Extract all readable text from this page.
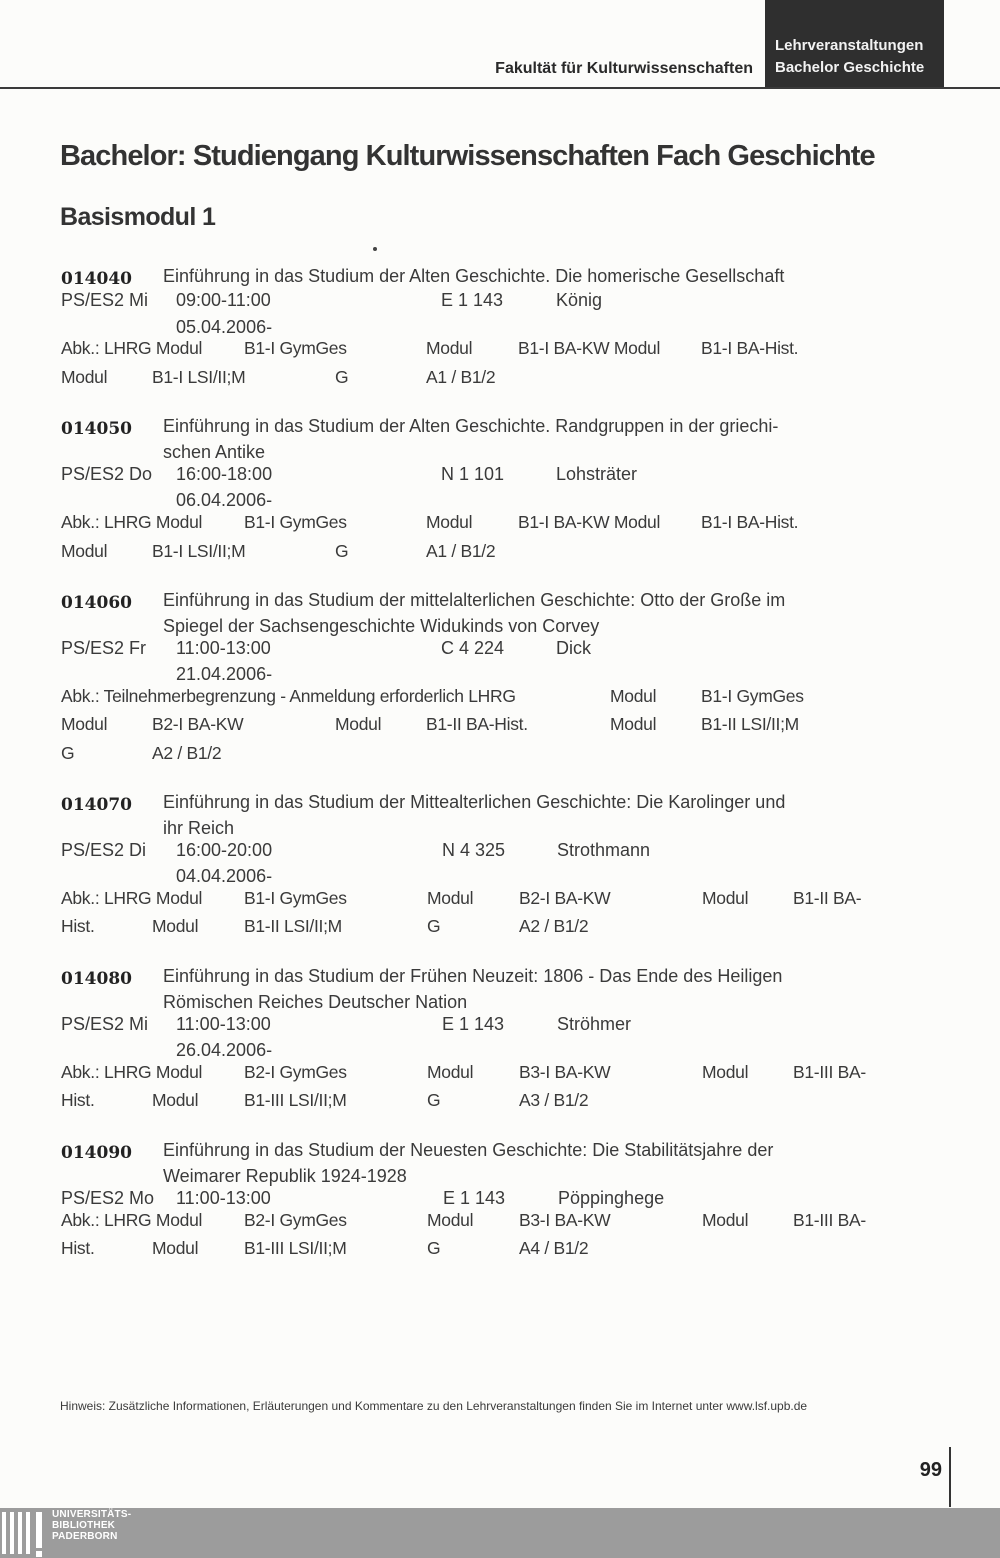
Fakultät für Kulturwissenschaften
Lehrveranstaltungen
Bachelor Geschichte
Bachelor: Studiengang Kulturwissenschaften Fach Geschichte
Basismodul 1
014040 Einführung in das Studium der Alten Geschichte. Die homerische Gesellschaft
PS/ES2 Mi 09:00-11:00	E 1 143	König
05.04.2006-
Abk.: LHRG Modul B1-I GymGes	Modul	B1-I BA-KW Modul B1-I BA-Hist.
Modul	B1-I LSI/II;M	G	A1 / B1/2
014050 Einführung in das Studium der Alten Geschichte. Randgruppen in der griechi-
schen Antike
PS/ES2 Do 16:00-18:00	N 1 101	Lohsträter
06.04.2006-
Abk.: LHRG Modul B1-I GymGes	Modul	B1-I BA-KW Modul B1-I BA-Hist.
Modul	B1-I LSI/II;M	G	A1 / B1/2
014060 Einführung in das Studium der mittelalterlichen Geschichte: Otto der Große im
Spiegel der Sachsengeschichte Widukinds von Corvey
PS/ES2 Fr 11:00-13:00	C 4 224	Dick
21.04.2006-
Abk.: Teilnehmerbegrenzung - Anmeldung erforderlich LHRG	Modul	B1-I GymGes
Modul	B2-I BA-KW	Modul	B1-II BA-Hist.	Modul	B1-II LSI/II;M
G	A2 / B1/2
014070 Einführung in das Studium der Mittealterlichen Geschichte: Die Karolinger und
ihr Reich
PS/ES2 Di 16:00-20:00	N 4 325	Strothmann
04.04.2006-
Abk.: LHRG Modul B1-I GymGes	Modul	B2-I BA-KW	Modul	B1-II BA-
Hist.	Modul	B1-II LSI/II;M	G	A2 / B1/2
014080 Einführung in das Studium der Frühen Neuzeit: 1806 - Das Ende des Heiligen
Römischen Reiches Deutscher Nation
PS/ES2 Mi 11:00-13:00	E 1 143	Ströhmer
26.04.2006-
Abk.: LHRG Modul B2-I GymGes	Modul	B3-I BA-KW	Modul	B1-III BA-
Hist.	Modul	B1-III LSI/II;M	G	A3 / B1/2
014090 Einführung in das Studium der Neuesten Geschichte: Die Stabilitätsjahre der
Weimarer Republik 1924-1928
PS/ES2 Mo 11:00-13:00	E 1 143	Pöppinghege
Abk.: LHRG Modul B2-I GymGes	Modul	B3-I BA-KW	Modul	B1-III BA-
Hist.	Modul	B1-III LSI/II;M	G	A4 / B1/2
Hinweis: Zusätzliche Informationen, Erläuterungen und Kommentare zu den Lehrveranstaltungen finden Sie im Internet unter www.lsf.upb.de
99
UNIVERSITÄTS-
BIBLIOTHEK
PADERBORN
